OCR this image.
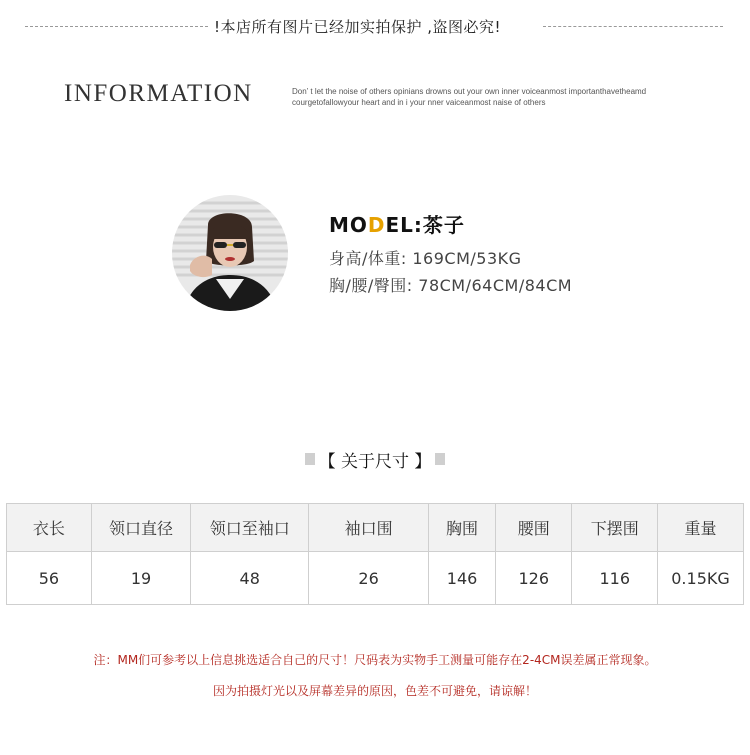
!本店所有图片已经加实拍保护 ,盗图必究!
INFORMATION	Don’ t let the noise of others opinians drowns out your own inner voiceanmost importanthavetheamd courgetofallowyour heart and in i your nner vaiceanmost naise of others
MODEL:茶子
身高/体重: 169CM/53KG
胸/腰/臀围: 78CM/64CM/84CM
【 关于尺寸 】
衣长	领口直径	领口至袖口	袖口围	胸围	腰围	下摆围	重量
56	19	48	26	146	126	116	0.15KG
注：MM们可参考以上信息挑选适合自己的尺寸！尺码表为实物手工测量可能存在2-4CM误差属正常现象。
因为拍摄灯光以及屏幕差异的原因，色差不可避免，请谅解！
